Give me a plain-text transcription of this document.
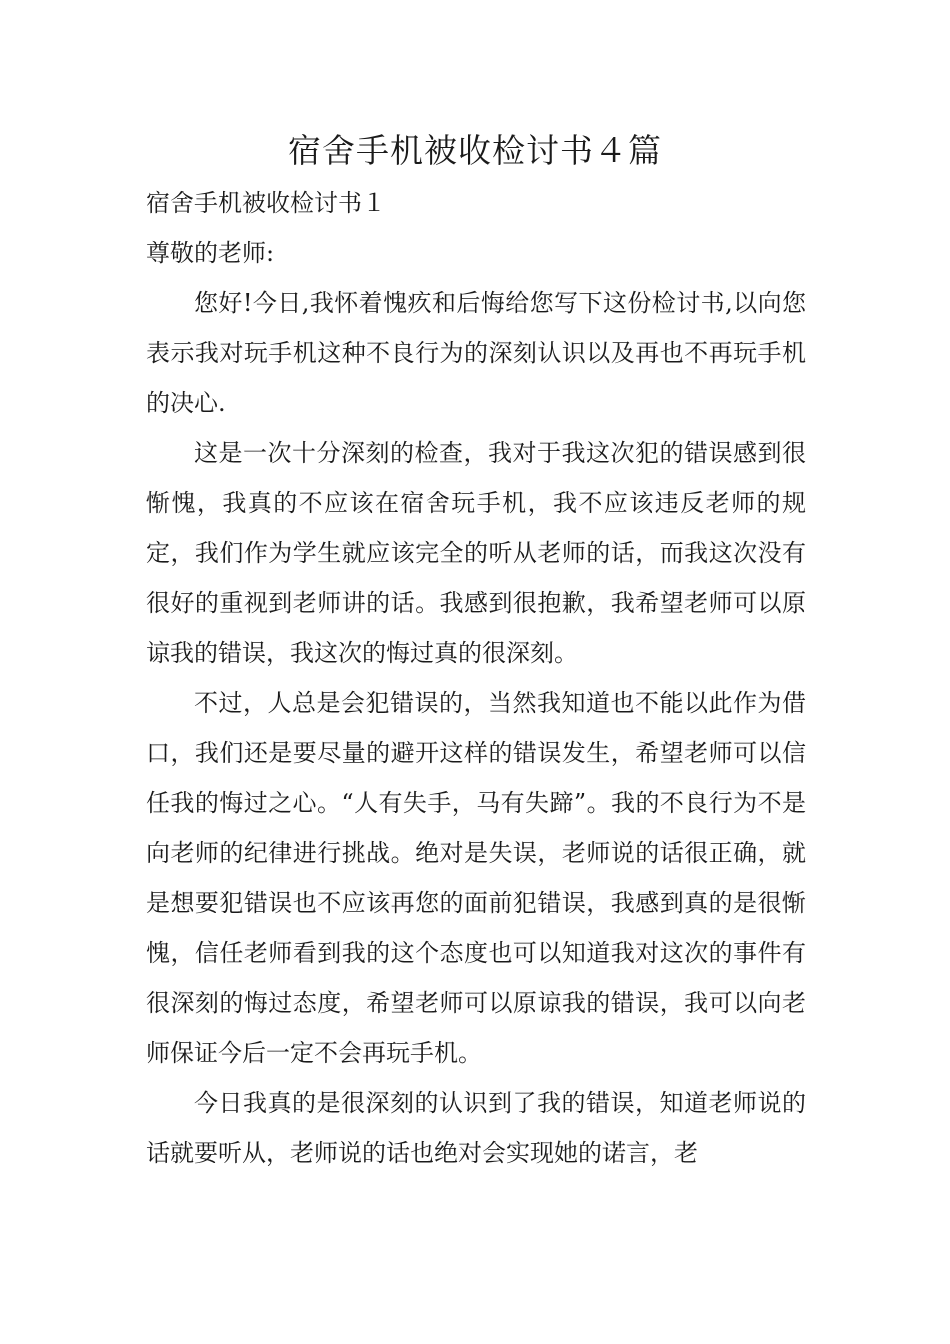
宿舍手机被收检讨书４篇

宿舍手机被收检讨书１

尊敬的老师:

您好!今日,我怀着愧疚和后悔给您写下这份检讨书,以向您表示我对玩手机这种不良行为的深刻认识以及再也不再玩手机的决心.

这是一次十分深刻的检查，我对于我这次犯的错误感到很惭愧，我真的不应该在宿舍玩手机，我不应该违反老师的规定，我们作为学生就应该完全的听从老师的话，而我这次没有很好的重视到老师讲的话。我感到很抱歉，我希望老师可以原谅我的错误，我这次的悔过真的很深刻。

不过，人总是会犯错误的，当然我知道也不能以此作为借口，我们还是要尽量的避开这样的错误发生，希望老师可以信任我的悔过之心。“人有失手，马有失蹄”。我的不良行为不是向老师的纪律进行挑战。绝对是失误，老师说的话很正确，就是想要犯错误也不应该再您的面前犯错误，我感到真的是很惭愧，信任老师看到我的这个态度也可以知道我对这次的事件有很深刻的悔过态度，希望老师可以原谅我的错误，我可以向老师保证今后一定不会再玩手机。

今日我真的是很深刻的认识到了我的错误，知道老师说的话就要听从，老师说的话也绝对会实现她的诺言，老
